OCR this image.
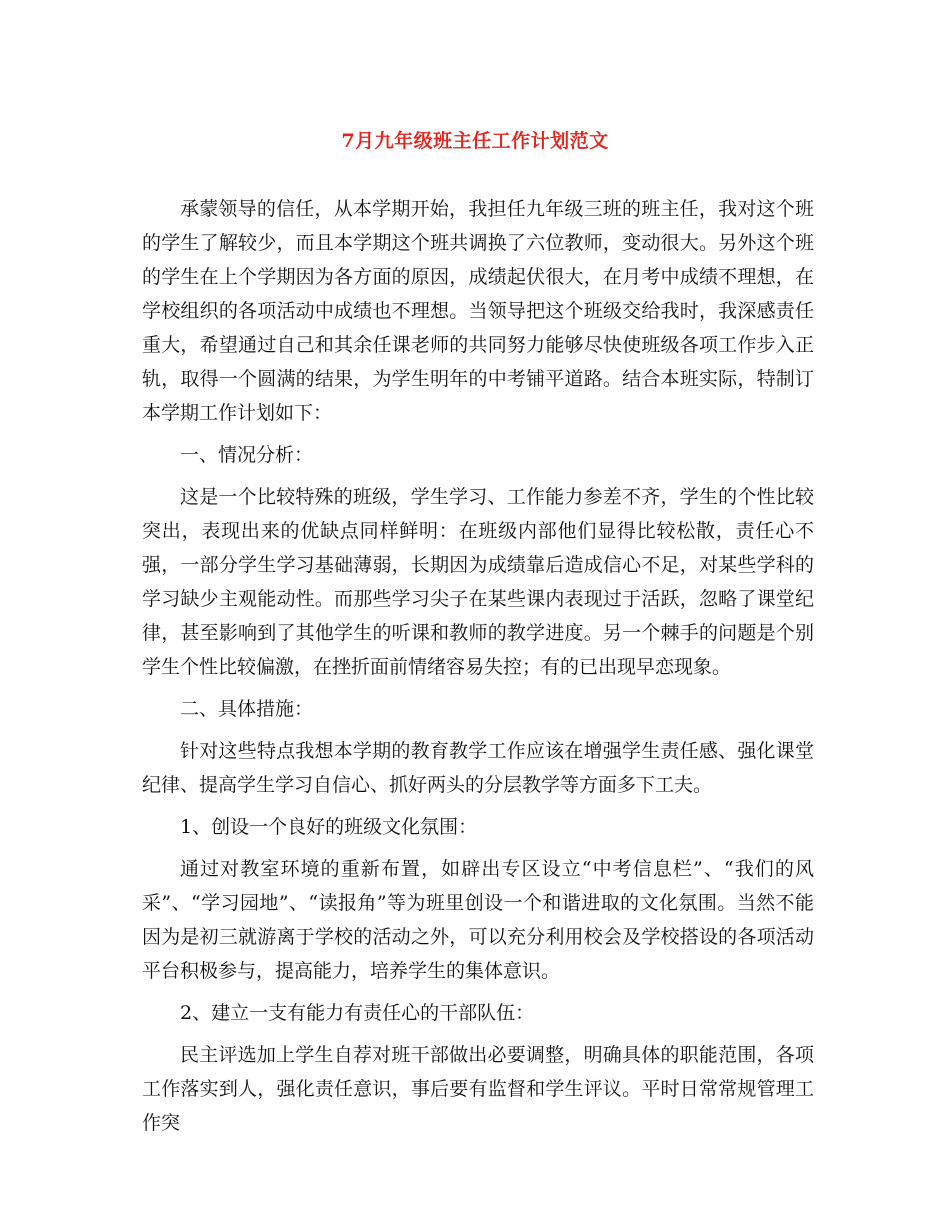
7月九年级班主任工作计划范文

承蒙领导的信任，从本学期开始，我担任九年级三班的班主任，我对这个班的学生了解较少，而且本学期这个班共调换了六位教师，变动很大。另外这个班的学生在上个学期因为各方面的原因，成绩起伏很大，在月考中成绩不理想，在学校组织的各项活动中成绩也不理想。当领导把这个班级交给我时，我深感责任重大，希望通过自己和其余任课老师的共同努力能够尽快使班级各项工作步入正轨，取得一个圆满的结果，为学生明年的中考铺平道路。结合本班实际，特制订本学期工作计划如下：

一、情况分析：

这是一个比较特殊的班级，学生学习、工作能力参差不齐，学生的个性比较突出，表现出来的优缺点同样鲜明：在班级内部他们显得比较松散，责任心不强，一部分学生学习基础薄弱，长期因为成绩靠后造成信心不足，对某些学科的学习缺少主观能动性。而那些学习尖子在某些课内表现过于活跃，忽略了课堂纪律，甚至影响到了其他学生的听课和教师的教学进度。另一个棘手的问题是个别学生个性比较偏激，在挫折面前情绪容易失控；有的已出现早恋现象。

二、具体措施：

针对这些特点我想本学期的教育教学工作应该在增强学生责任感、强化课堂纪律、提高学生学习自信心、抓好两头的分层教学等方面多下工夫。

1、创设一个良好的班级文化氛围：

通过对教室环境的重新布置，如辟出专区设立“中考信息栏”、“我们的风采”、“学习园地”、“读报角”等为班里创设一个和谐进取的文化氛围。当然不能因为是初三就游离于学校的活动之外，可以充分利用校会及学校搭设的各项活动平台积极参与，提高能力，培养学生的集体意识。

2、建立一支有能力有责任心的干部队伍：

民主评选加上学生自荐对班干部做出必要调整，明确具体的职能范围，各项工作落实到人，强化责任意识，事后要有监督和学生评议。平时日常常规管理工作突
